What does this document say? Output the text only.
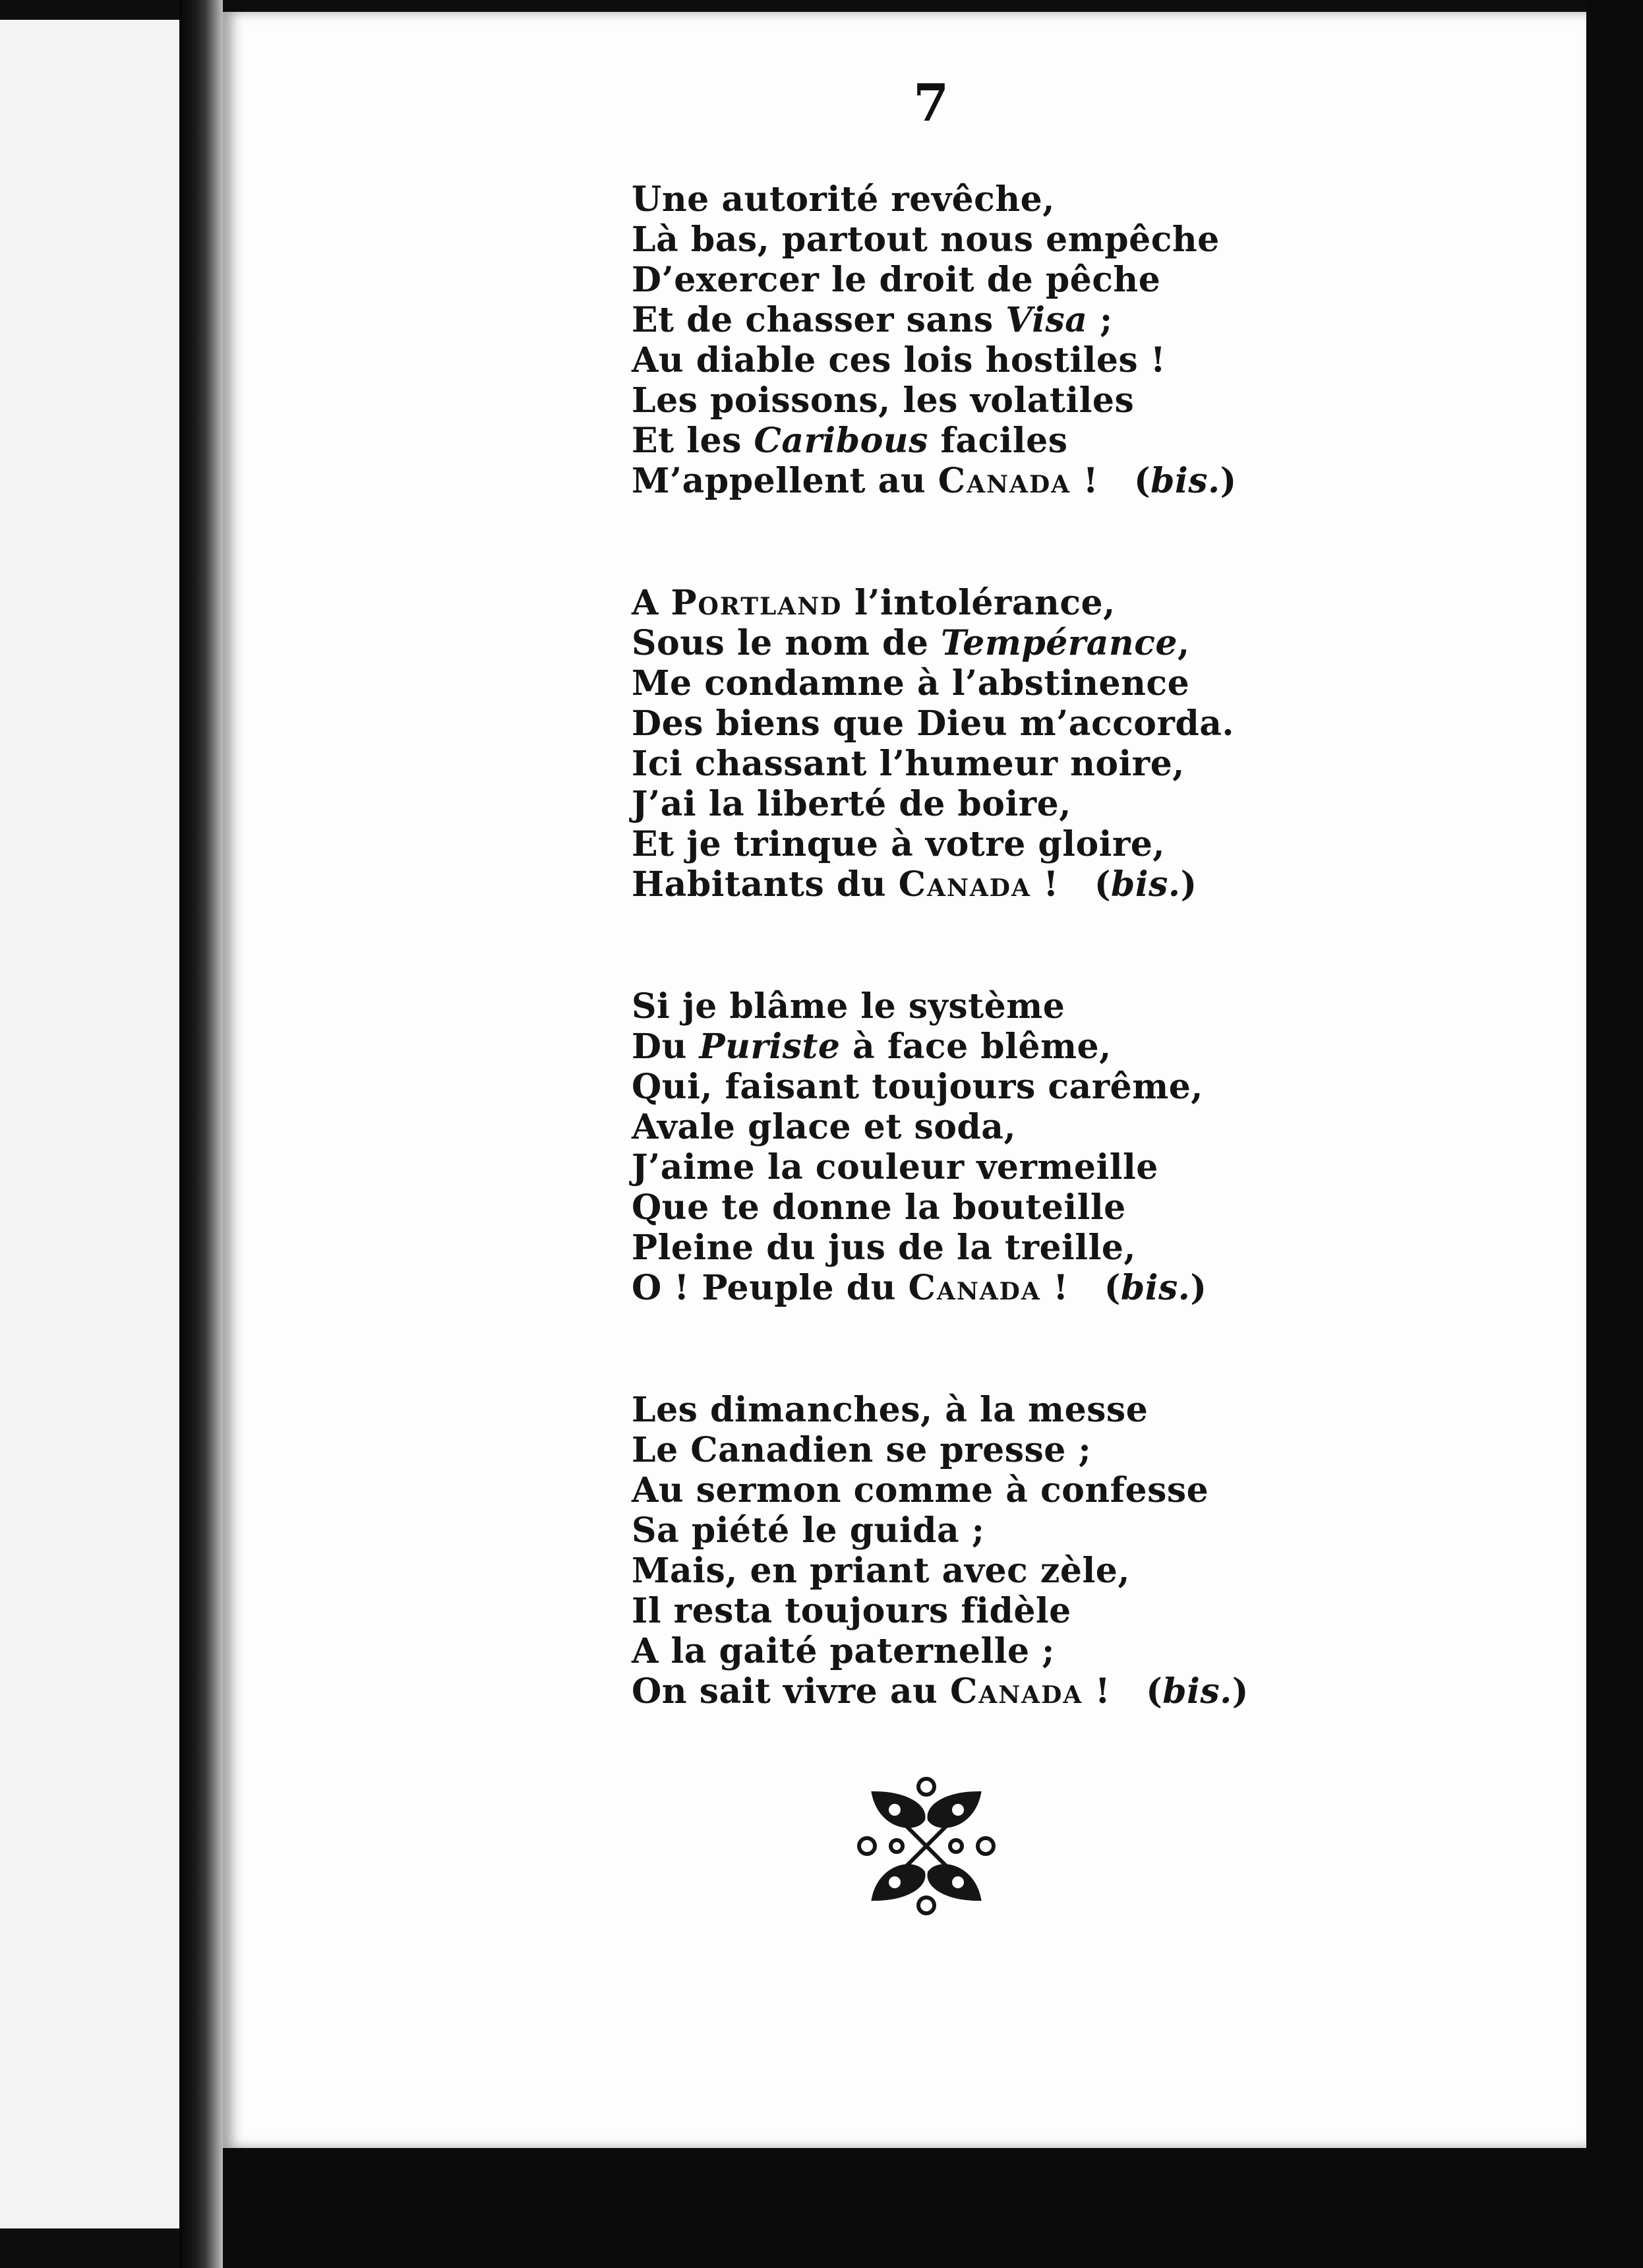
7
Une autorité revêche,
Là bas, partout nous empêche
D’exercer le droit de pêche
Et de chasser sans Visa ;
Au diable ces lois hostiles !
Les poissons, les volatiles
Et les Caribous faciles
M’appellent au Canada ! (bis.)
A Portland l’intolérance,
Sous le nom de Tempérance,
Me condamne à l’abstinence
Des biens que Dieu m’accorda.
Ici chassant l’humeur noire,
J’ai la liberté de boire,
Et je trinque à votre gloire,
Habitants du Canada ! (bis.)
Si je blâme le système
Du Puriste à face blême,
Qui, faisant toujours carême,
Avale glace et soda,
J’aime la couleur vermeille
Que te donne la bouteille
Pleine du jus de la treille,
O ! Peuple du Canada ! (bis.)
Les dimanches, à la messe
Le Canadien se presse ;
Au sermon comme à confesse
Sa piété le guida ;
Mais, en priant avec zèle,
Il resta toujours fidèle
A la gaité paternelle ;
On sait vivre au Canada ! (bis.)
